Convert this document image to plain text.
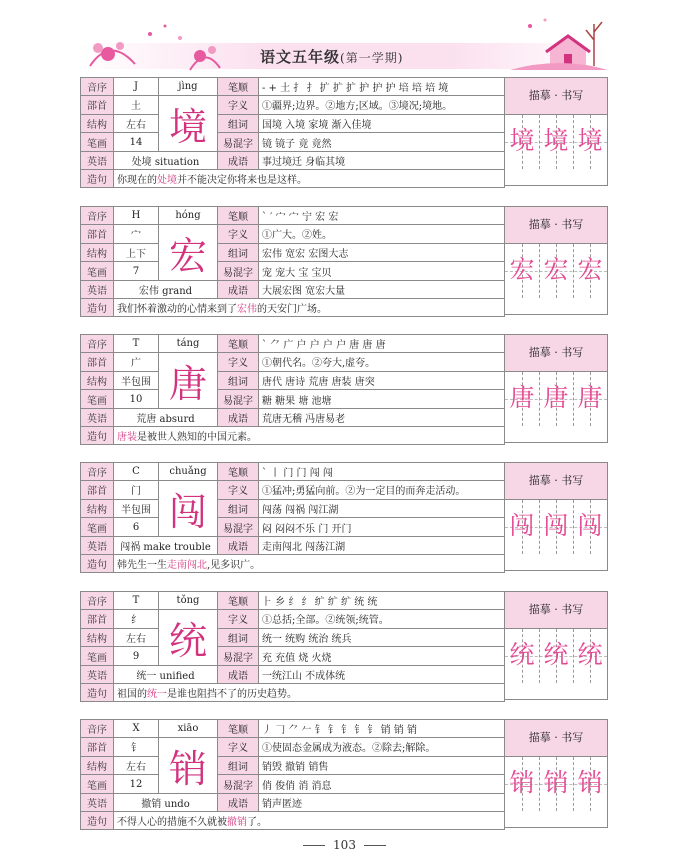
语文五年级(第一学期)
音序	J	jìng	笔顺	- + 土 扌 扌 扩 扩 扩 护 护 护 培 培 培 境
部首	土	境	字义	①疆界;边界。②地方;区域。③境况;境地。
结构	左右		组词	国境 入境 家境 渐入佳境
笔画	14		易混字	镜 镜子 竟 竟然
英语	处境 situation		成语	事过境迁 身临其境
造句	你现在的处境并不能决定你将来也是这样。			
描摹 · 书写
境 境 境
音序	H	hóng	笔顺	` ′ 宀 宀 宁 宏 宏
部首	宀	宏	字义	①广大。②姓。
结构	上下		组词	宏伟 宽宏 宏图大志
笔画	7		易混字	宠 宠大 宝 宝贝
英语	宏伟 grand		成语	大展宏图 宽宏大量
造句	我们怀着激动的心情来到了宏伟的天安门广场。			
描摹 · 书写
宏 宏 宏
音序	T	táng	笔顺	` ⺈ 广 户 户 户 户 唐 唐 唐
部首	广	唐	字义	①朝代名。②夸大,虚夸。
结构	半包围		组词	唐代 唐诗 荒唐 唐装 唐突
笔画	10		易混字	糖 糖果 塘 池塘
英语	荒唐 absurd		成语	荒唐无稽 冯唐易老
造句	唐装是被世人熟知的中国元素。			
描摹 · 书写
唐 唐 唐
音序	C	chuǎng	笔顺	` 丨 门 门 闯 闯
部首	门	闯	字义	①猛冲;勇猛向前。②为一定目的而奔走活动。
结构	半包围		组词	闯荡 闯祸 闯江湖
笔画	6		易混字	闷 闷闷不乐 门 开门
英语	闯祸 make trouble		成语	走南闯北 闯荡江湖
造句	韩先生一生走南闯北,见多识广。			
描摹 · 书写
闯 闯 闯
音序	T	tǒng	笔顺	⺊ 乡 纟 纟 纩 纩 纩 统 统
部首	纟	统	字义	①总括;全部。②统领;统管。
结构	左右		组词	统一 统购 统治 统兵
笔画	9		易混字	充 充值 烧 火烧
英语	统一 unified		成语	一统江山 不成体统
造句	祖国的统一是谁也阻挡不了的历史趋势。			
描摹 · 书写
统 统 统
音序	X	xiāo	笔顺	丿 𠃌 ⺈ 𠂉 钅 钅 钅 钅 钅 销 销 销
部首	钅	销	字义	①使固态金属成为液态。②除去;解除。
结构	左右		组词	销毁 撤销 销售
笔画	12		易混字	俏 俊俏 消 消息
英语	撤销 undo		成语	销声匿迹
造句	不得人心的措施不久就被撤销了。			
描摹 · 书写
销 销 销
103
